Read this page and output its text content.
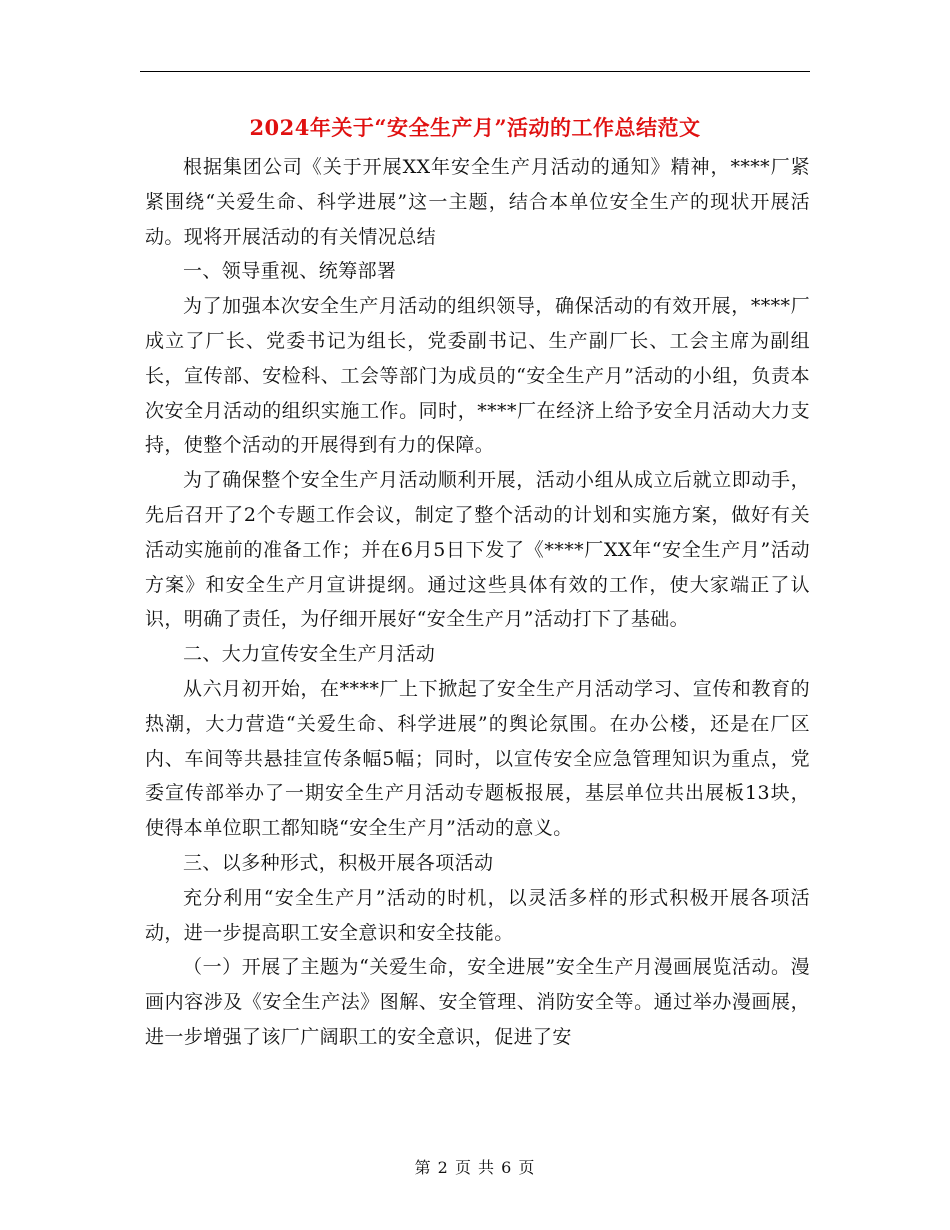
2024年关于“安全生产月”活动的工作总结范文

根据集团公司《关于开展XX年安全生产月活动的通知》精神，****厂紧紧围绕“关爱生命、科学进展”这一主题，结合本单位安全生产的现状开展活动。现将开展活动的有关情况总结

一、领导重视、统筹部署

为了加强本次安全生产月活动的组织领导，确保活动的有效开展，****厂成立了厂长、党委书记为组长，党委副书记、生产副厂长、工会主席为副组长，宣传部、安检科、工会等部门为成员的“安全生产月”活动的小组，负责本次安全月活动的组织实施工作。同时，****厂在经济上给予安全月活动大力支持，使整个活动的开展得到有力的保障。

为了确保整个安全生产月活动顺利开展，活动小组从成立后就立即动手，先后召开了2个专题工作会议，制定了整个活动的计划和实施方案，做好有关活动实施前的准备工作；并在6月5日下发了《****厂XX年“安全生产月”活动方案》和安全生产月宣讲提纲。通过这些具体有效的工作，使大家端正了认识，明确了责任，为仔细开展好“安全生产月”活动打下了基础。

二、大力宣传安全生产月活动

从六月初开始，在****厂上下掀起了安全生产月活动学习、宣传和教育的热潮，大力营造“关爱生命、科学进展”的舆论氛围。在办公楼，还是在厂区内、车间等共悬挂宣传条幅5幅；同时，以宣传安全应急管理知识为重点，党委宣传部举办了一期安全生产月活动专题板报展，基层单位共出展板13块，使得本单位职工都知晓“安全生产月”活动的意义。

三、以多种形式，积极开展各项活动

充分利用“安全生产月”活动的时机，以灵活多样的形式积极开展各项活动，进一步提高职工安全意识和安全技能。

（一）开展了主题为“关爱生命，安全进展”安全生产月漫画展览活动。漫画内容涉及《安全生产法》图解、安全管理、消防安全等。通过举办漫画展，进一步增强了该厂广阔职工的安全意识，促进了安

第 2 页 共 6 页
